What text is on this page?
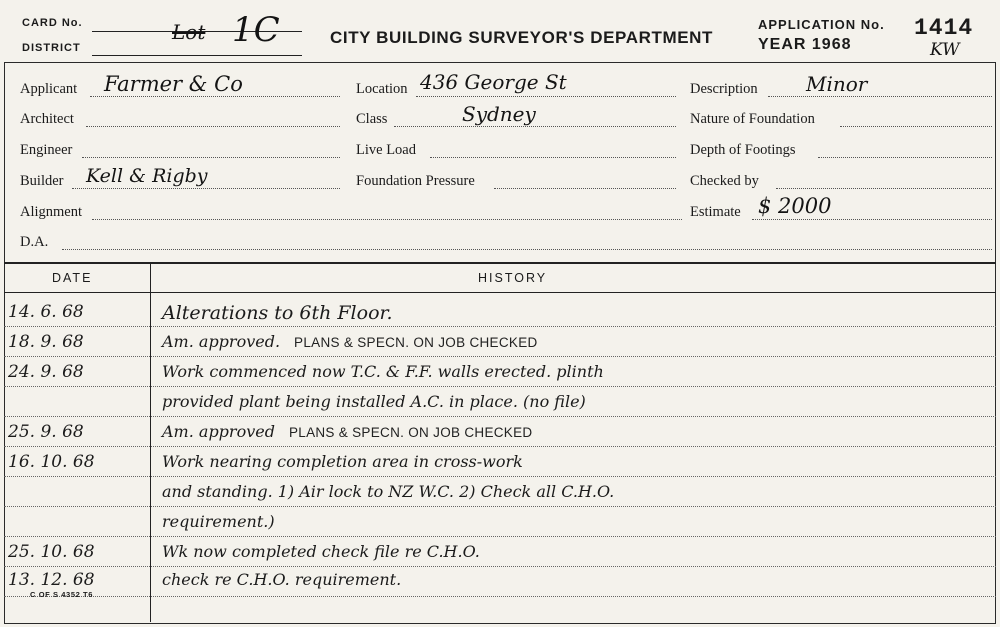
CARD No.
DISTRICT
Lot 1C	CITY BUILDING SURVEYOR'S DEPARTMENT
APPLICATION No.
YEAR 1968
1414
KW
Applicant Farmer & Co
Architect
Engineer
Builder Kell & Rigby
Alignment
D.A.
Location 436 George St
Class	Sydney
Live Load
Foundation Pressure
Description Minor
Nature of Foundation
Depth of Footings
Checked by
Estimate $ 2000
DATE	HISTORY
14. 6. 68	Alterations to 6th Floor.
18. 9. 68	Am. approved. PLANS & SPECN. ON JOB CHECKED
24. 9. 68	Work commenced now T.C. & F.F. walls erected. plinth
provided plant being installed A.C. in place. (no file)
25. 9. 68	Am. approved PLANS & SPECN. ON JOB CHECKED
16. 10. 68	Work nearing completion area in cross-work
and standing. 1) Air lock to NZ W.C. 2) Check all C.H.O.
requirement.)
25. 10. 68	Wk now completed check file re C.H.O.
13. 12. 68	check re C.H.O. requirement.
C OF S 4352 T6
